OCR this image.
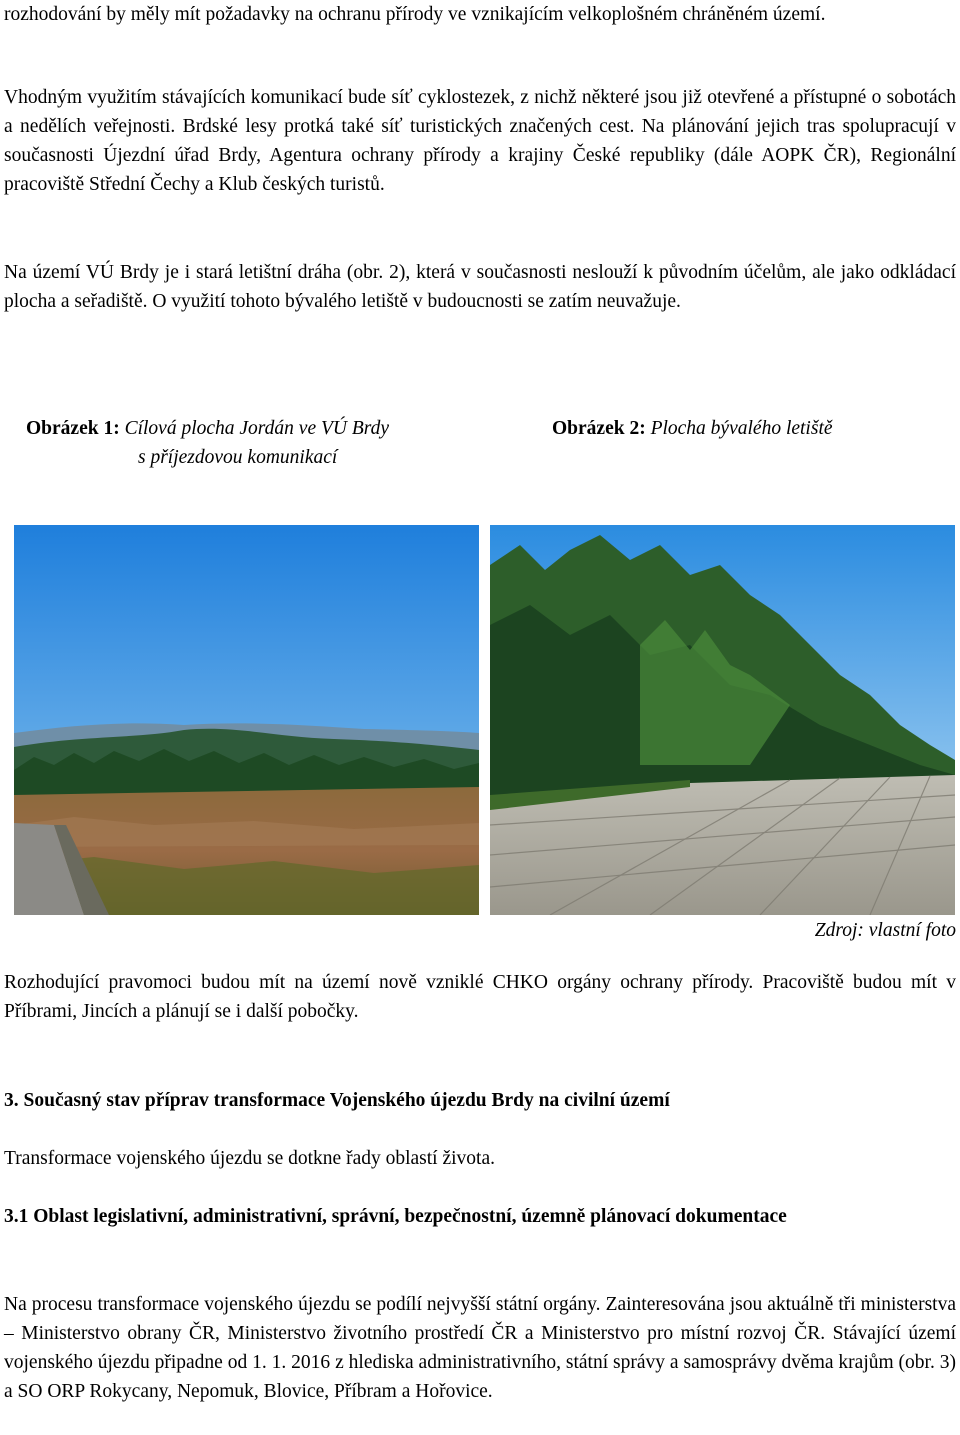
rozhodování by měly mít požadavky na ochranu přírody ve vznikajícím velkoplošném chráněném území.

Vhodným využitím stávajících komunikací bude síť cyklostezek, z nichž některé jsou již otevřené a přístupné o sobotách a nedělích veřejnosti. Brdské lesy protká také síť turistických značených cest. Na plánování jejich tras spolupracují v současnosti Újezdní úřad Brdy, Agentura ochrany přírody a krajiny České republiky (dále AOPK ČR), Regionální pracoviště Střední Čechy a Klub českých turistů.

Na území VÚ Brdy je i stará letištní dráha (obr. 2), která v současnosti neslouží k původním účelům, ale jako odkládací plocha a seřadiště. O využití tohoto bývalého letiště v budoucnosti se zatím neuvažuje.

Obrázek 1: Cílová plocha Jordán ve VÚ Brdy
s příjezdovou komunikací
Obrázek 2: Plocha bývalého letiště
Zdroj: vlastní foto

Rozhodující pravomoci budou mít na území nově vzniklé CHKO orgány ochrany přírody. Pracoviště budou mít v Příbrami, Jincích a plánují se i další pobočky.

3. Současný stav příprav transformace Vojenského újezdu Brdy na civilní území

Transformace vojenského újezdu se dotkne řady oblastí života.

3.1 Oblast legislativní, administrativní, správní, bezpečnostní, územně plánovací dokumentace

Na procesu transformace vojenského újezdu se podílí nejvyšší státní orgány. Zainteresována jsou aktuálně tři ministerstva – Ministerstvo obrany ČR, Ministerstvo životního prostředí ČR a Ministerstvo pro místní rozvoj ČR. Stávající území vojenského újezdu připadne od 1. 1. 2016 z hlediska administrativního, státní správy a samosprávy dvěma krajům (obr. 3) a SO ORP Rokycany, Nepomuk, Blovice, Příbram a Hořovice.
